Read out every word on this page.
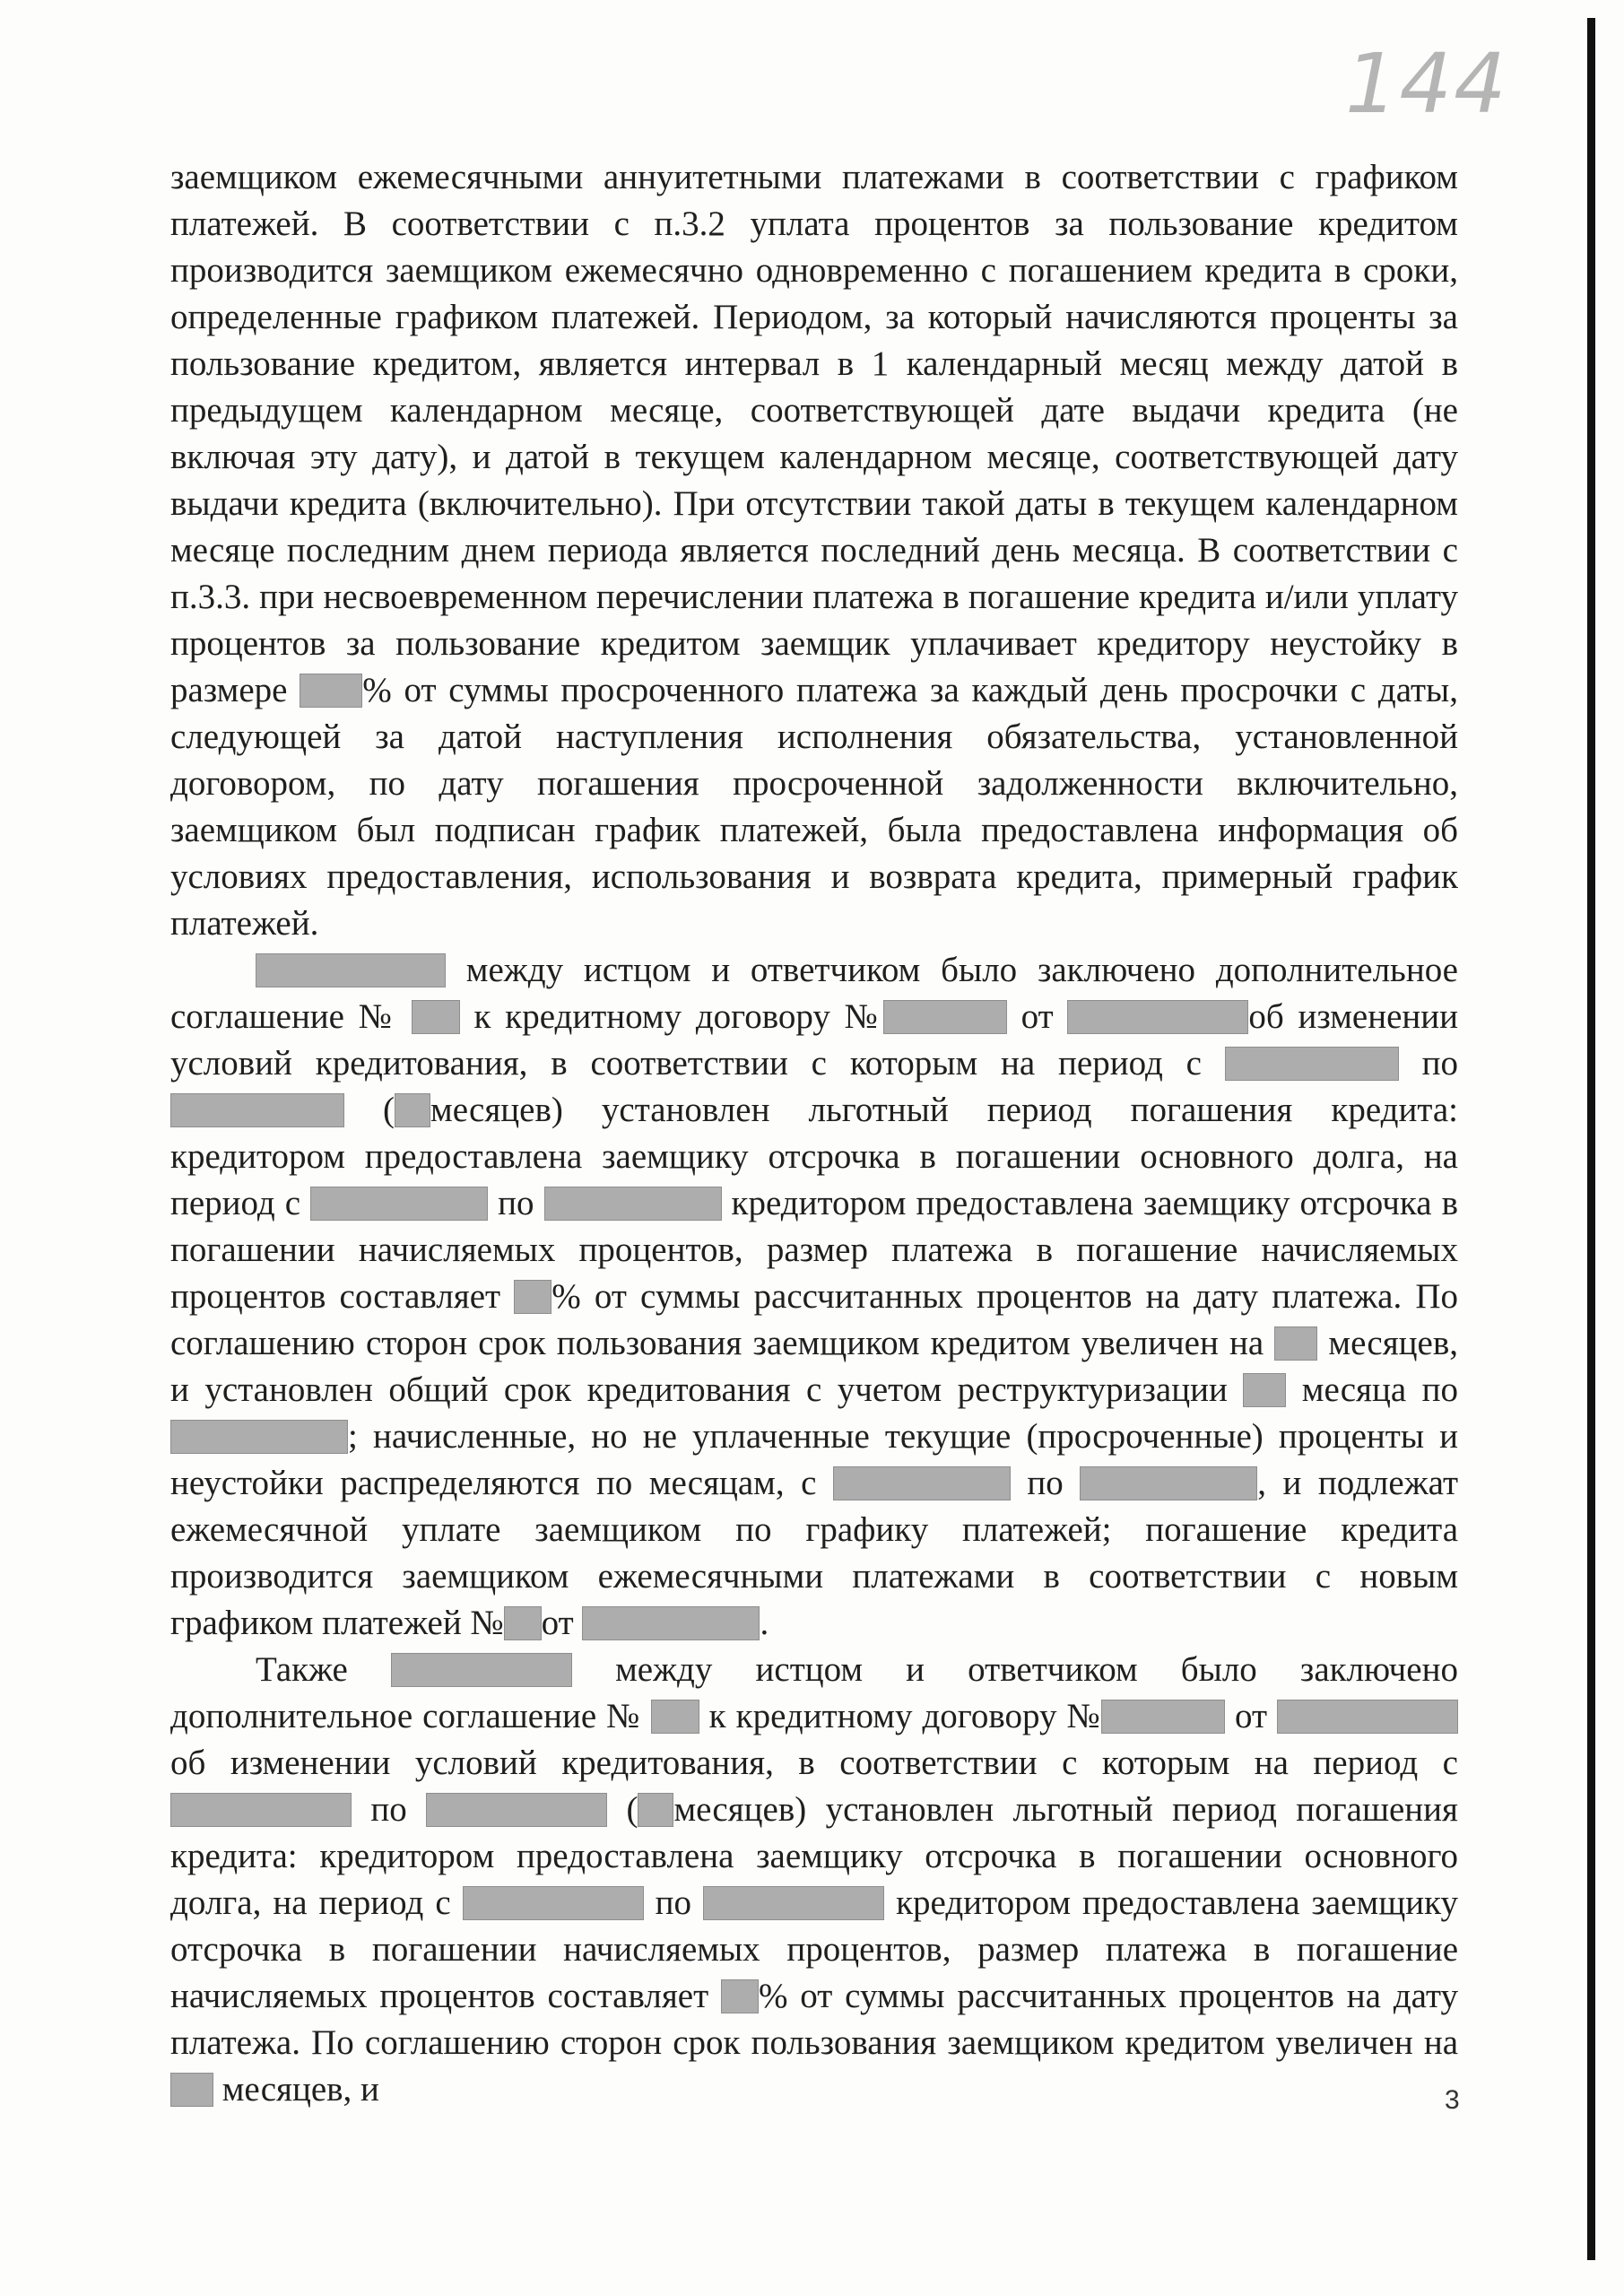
144

заемщиком ежемесячными аннуитетными платежами в соответствии с графиком платежей. В соответствии с п.3.2 уплата процентов за пользование кредитом производится заемщиком ежемесячно одновременно с погашением кредита в сроки, определенные графиком платежей. Периодом, за который начисляются проценты за пользование кредитом, является интервал в 1 календарный месяц между датой в предыдущем календарном месяце, соответствующей дате выдачи кредита (не включая эту дату), и датой в текущем календарном месяце, соответствующей дату выдачи кредита (включительно). При отсутствии такой даты в текущем календарном месяце последним днем периода является последний день месяца. В соответствии с п.3.3. при несвоевременном перечислении платежа в погашение кредита и/или уплату процентов за пользование кредитом заемщик уплачивает кредитору неустойку в размере % от суммы просроченного платежа за каждый день просрочки с даты, следующей за датой наступления исполнения обязательства, установленной договором, по дату погашения просроченной задолженности включительно, заемщиком был подписан график платежей, была предоставлена информация об условиях предоставления, использования и возврата кредита, примерный график платежей.

между истцом и ответчиком было заключено дополнительное соглашение №  к кредитному договору №	от	об изменении условий кредитования, в соответствии с которым на период с	по  ( месяцев) установлен льготный период погашения кредита: кредитором предоставлена заемщику отсрочка в погашении основного долга, на период с	по	кредитором предоставлена заемщику отсрочка в погашении начисляемых процентов, размер платежа в погашение начисляемых процентов составляет % от суммы рассчитанных процентов на дату платежа. По соглашению сторон срок пользования заемщиком кредитом увеличен на  месяцев, и установлен общий срок кредитования с учетом реструктуризации  месяца по ; начисленные, но не уплаченные текущие (просроченные) проценты и неустойки распределяются по месяцам, с	по	, и подлежат ежемесячной уплате заемщиком по графику платежей; погашение кредита производится заемщиком ежемесячными платежами в соответствии с новым графиком платежей № от	.

Также	между истцом и ответчиком было заключено дополнительное соглашение №  к кредитному договору №	от об изменении условий кредитования, в соответствии с которым на период с по	( месяцев) установлен льготный период погашения кредита: кредитором предоставлена заемщику отсрочка в погашении основного долга, на период с	по	кредитором предоставлена заемщику отсрочка в погашении начисляемых процентов, размер платежа в погашение начисляемых процентов составляет % от суммы рассчитанных процентов на дату платежа. По соглашению сторон срок пользования заемщиком кредитом увеличен на  месяцев, и	3
